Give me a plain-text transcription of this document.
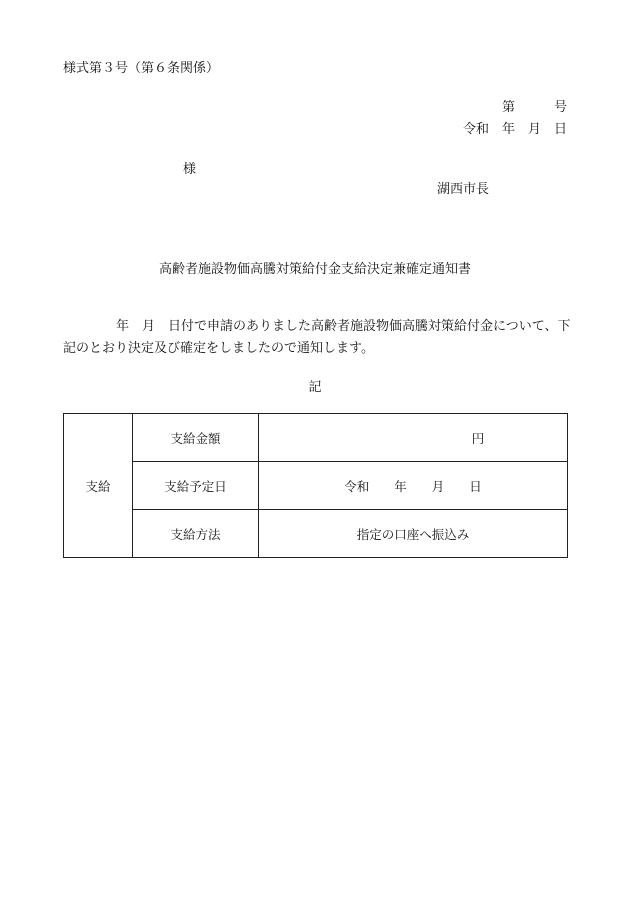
様式第３号（第６条関係）
第　　　号
令和　年　月　日
様
湖西市長
高齢者施設物価高騰対策給付金支給決定兼確定通知書
年　月　日付で申請のありました高齢者施設物価高騰対策給付金について、下記のとおり決定及び確定をしましたので通知します。
記
支給	支給金額	円
	支給予定日	令和　　年　　月　　日
	支給方法	指定の口座へ振込み
